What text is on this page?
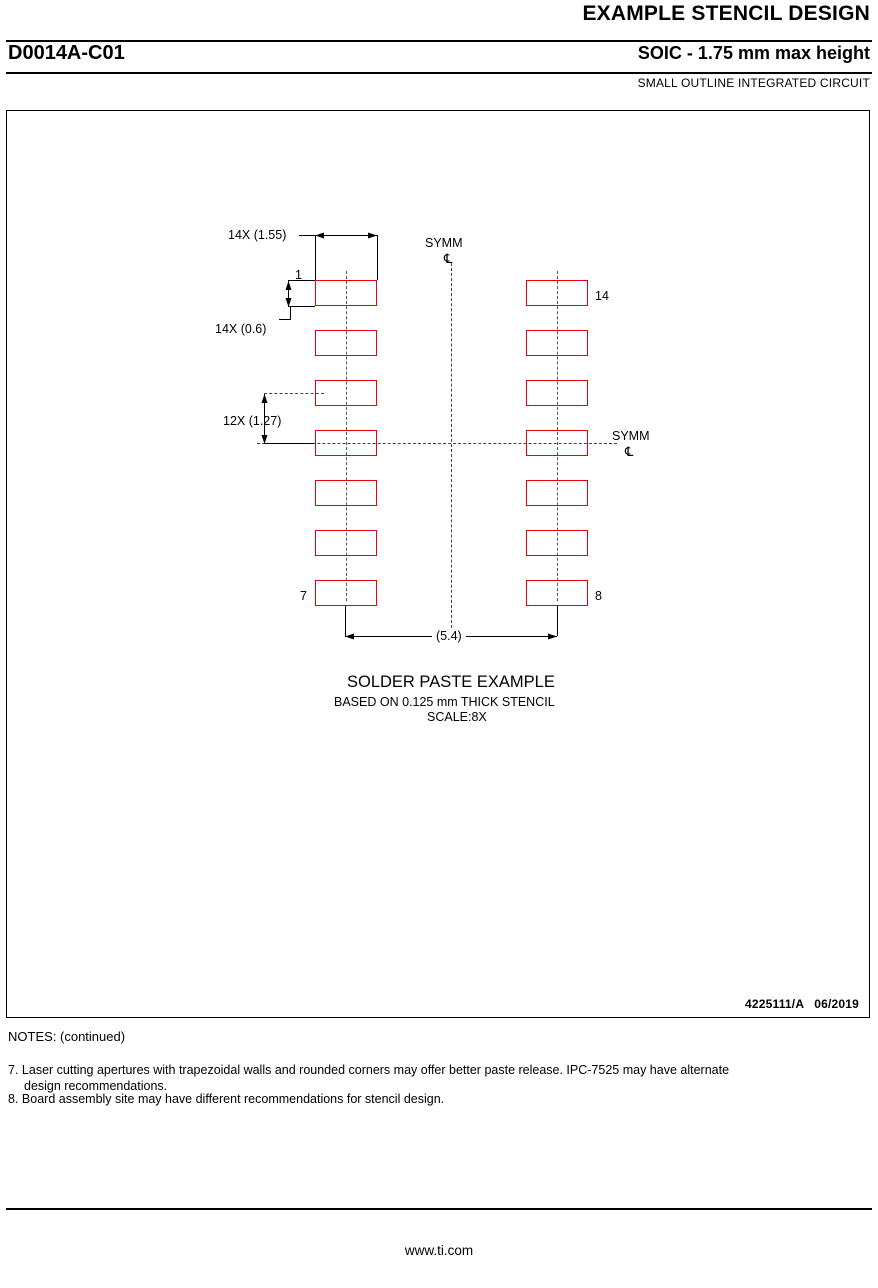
EXAMPLE STENCIL DESIGN
D0014A-C01	SOIC - 1.75 mm max height
SMALL OUTLINE INTEGRATED CIRCUIT
SYMM
℄
SYMM
℄
14X (1.55)
14X (0.6)
12X (1.27)
(5.4)
1
14
7	8
SOLDER PASTE EXAMPLE
BASED ON 0.125 mm THICK STENCIL
SCALE:8X
4225111/A 06/2019
NOTES: (continued)
7. Laser cutting apertures with trapezoidal walls and rounded corners may offer better paste release. IPC-7525 may have alternate
design recommendations.
8. Board assembly site may have different recommendations for stencil design.
www.ti.com
